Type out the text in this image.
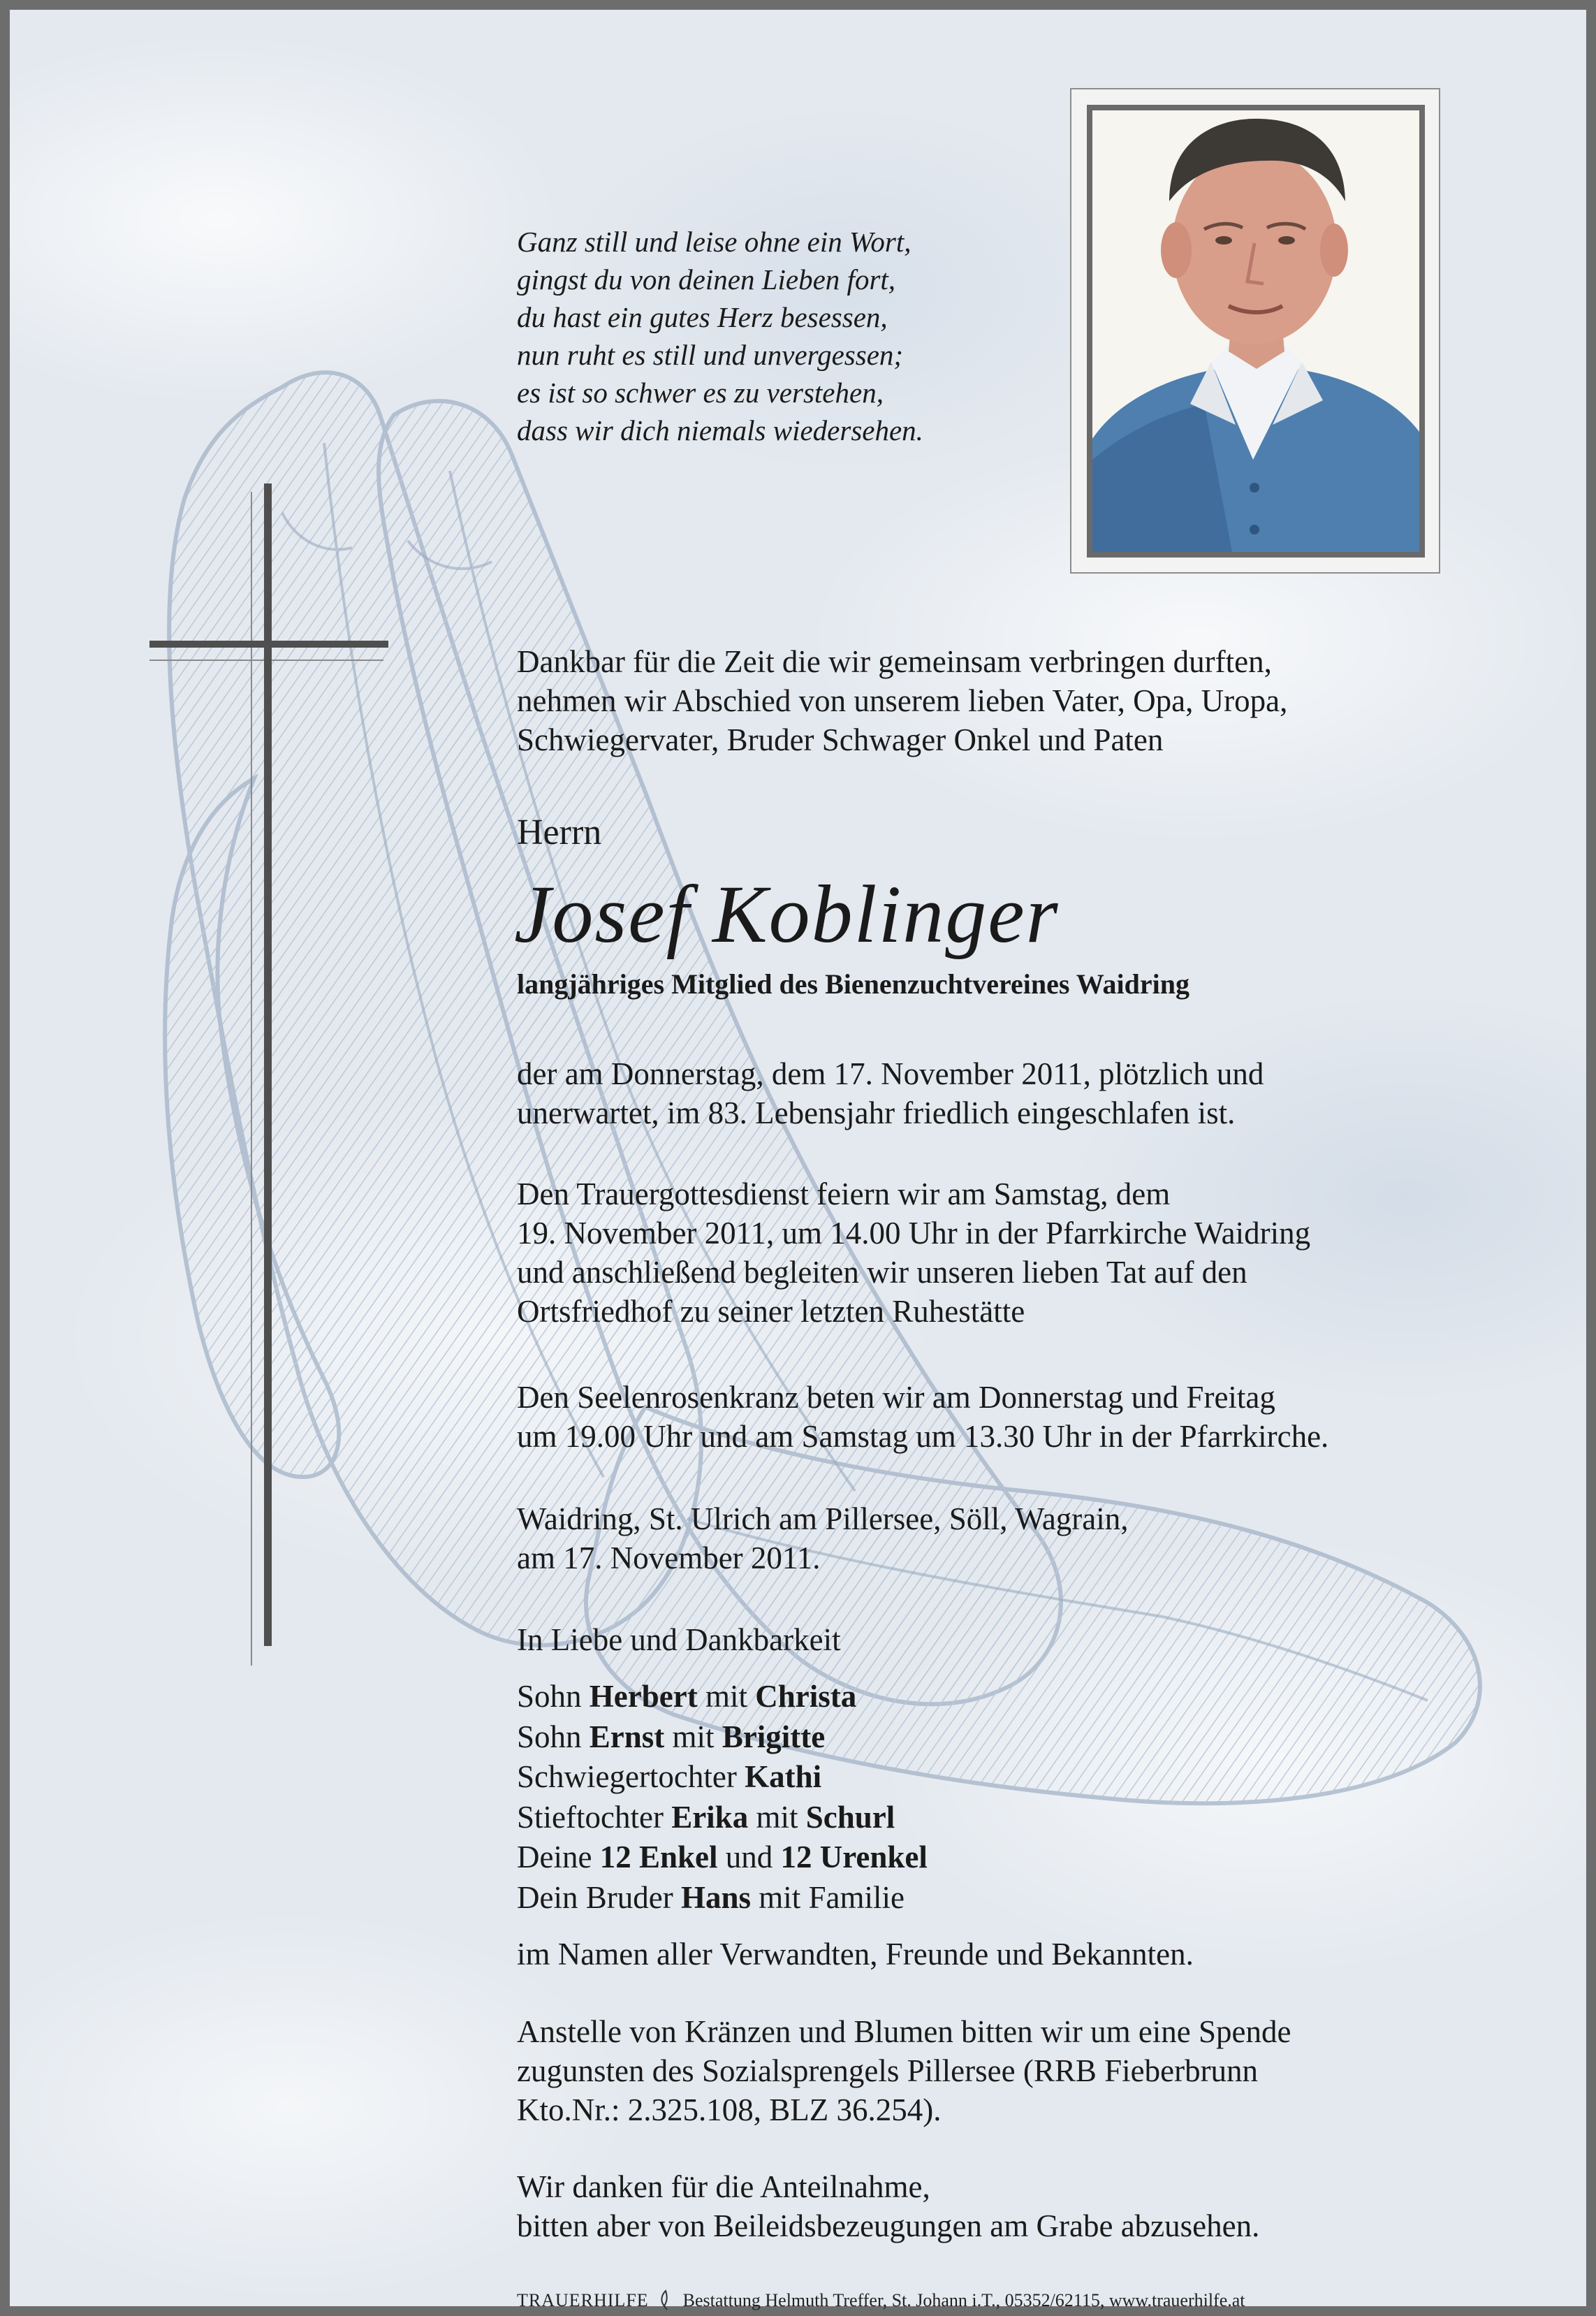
Ganz still und leise ohne ein Wort,
gingst du von deinen Lieben fort,
du hast ein gutes Herz besessen,
nun ruht es still und unvergessen;
es ist so schwer es zu verstehen,
dass wir dich niemals wiedersehen.
Dankbar für die Zeit die wir gemeinsam verbringen durften,
nehmen wir Abschied von unserem lieben Vater, Opa, Uropa,
Schwiegervater, Bruder Schwager Onkel und Paten
Herrn
Josef Koblinger
langjähriges Mitglied des Bienenzuchtvereines Waidring
der am Donnerstag, dem 17. November 2011, plötzlich und
unerwartet, im 83. Lebensjahr friedlich eingeschlafen ist.
Den Trauergottesdienst feiern wir am Samstag, dem
19. November 2011, um 14.00 Uhr in der Pfarrkirche Waidring
und anschließend begleiten wir unseren lieben Tat auf den
Ortsfriedhof zu seiner letzten Ruhestätte
Den Seelenrosenkranz beten wir am Donnerstag und Freitag
um 19.00 Uhr und am Samstag um 13.30 Uhr in der Pfarrkirche.
Waidring, St. Ulrich am Pillersee, Söll, Wagrain,
am 17. November 2011.
In Liebe und Dankbarkeit
Sohn Herbert mit Christa
Sohn Ernst mit Brigitte
Schwiegertochter Kathi
Stieftochter Erika mit Schurl
Deine 12 Enkel und 12 Urenkel
Dein Bruder Hans mit Familie
im Namen aller Verwandten, Freunde und Bekannten.
Anstelle von Kränzen und Blumen bitten wir um eine Spende
zugunsten des Sozialsprengels Pillersee (RRB Fieberbrunn
Kto.Nr.: 2.325.108, BLZ 36.254).
Wir danken für die Anteilnahme,
bitten aber von Beileidsbezeugungen am Grabe abzusehen.
TRAUERHILFE Bestattung Helmuth Treffer, St. Johann i.T., 05352/62115, www.trauerhilfe.at
